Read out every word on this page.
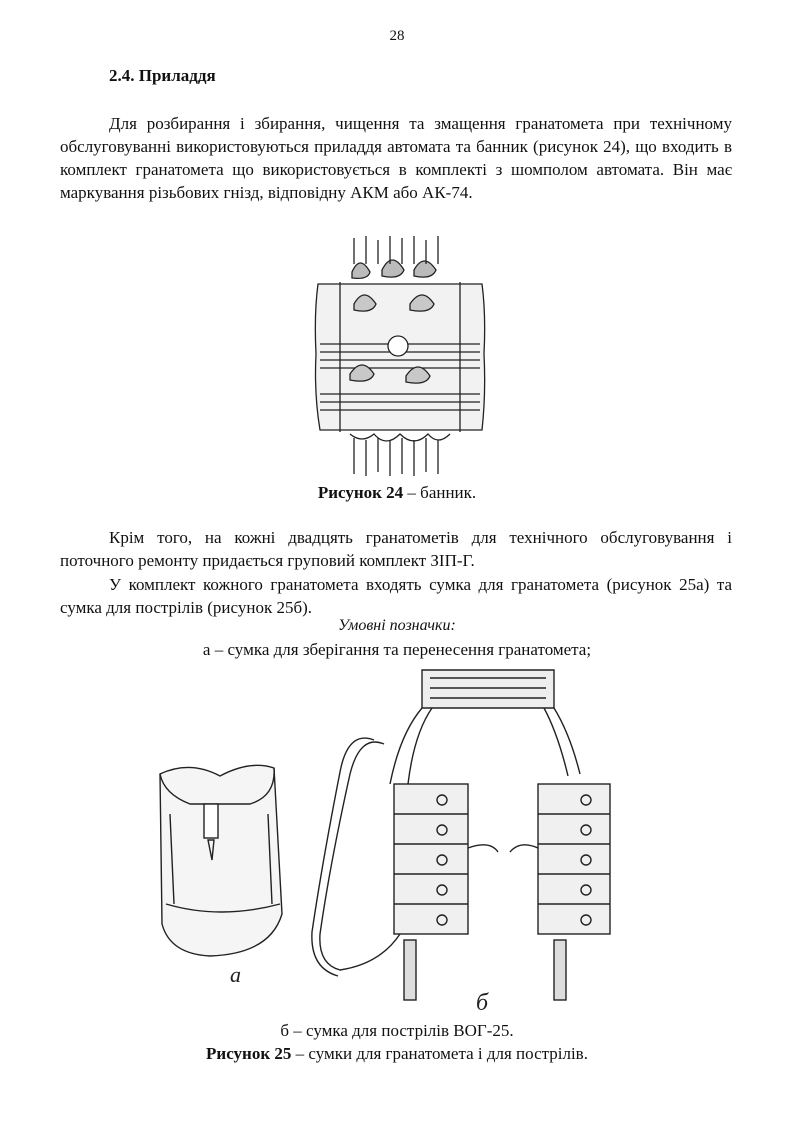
28
2.4. Приладдя
Для розбирання і збирання, чищення та змащення гранатомета при технічному обслуговуванні використовуються приладдя автомата та банник (рисунок 24), що входить в комплект гранатомета що використовується в комплекті з шомполом автомата. Він має маркування різьбових гнізд, відповідну АКМ або АК-74.
Рисунок 24 – банник.
Крім того, на кожні двадцять гранатометів для технічного обслуговування і поточного ремонту придається груповий комплект ЗІП-Г.
У комплект кожного гранатомета входять сумка для гранатомета (рисунок 25а) та сумка для пострілів (рисунок 25б).
Умовні позначки:
а – сумка для зберігання та перенесення гранатомета;
а
б
б – сумка для пострілів ВОГ-25.
Рисунок 25 – сумки для гранатомета і для пострілів.
